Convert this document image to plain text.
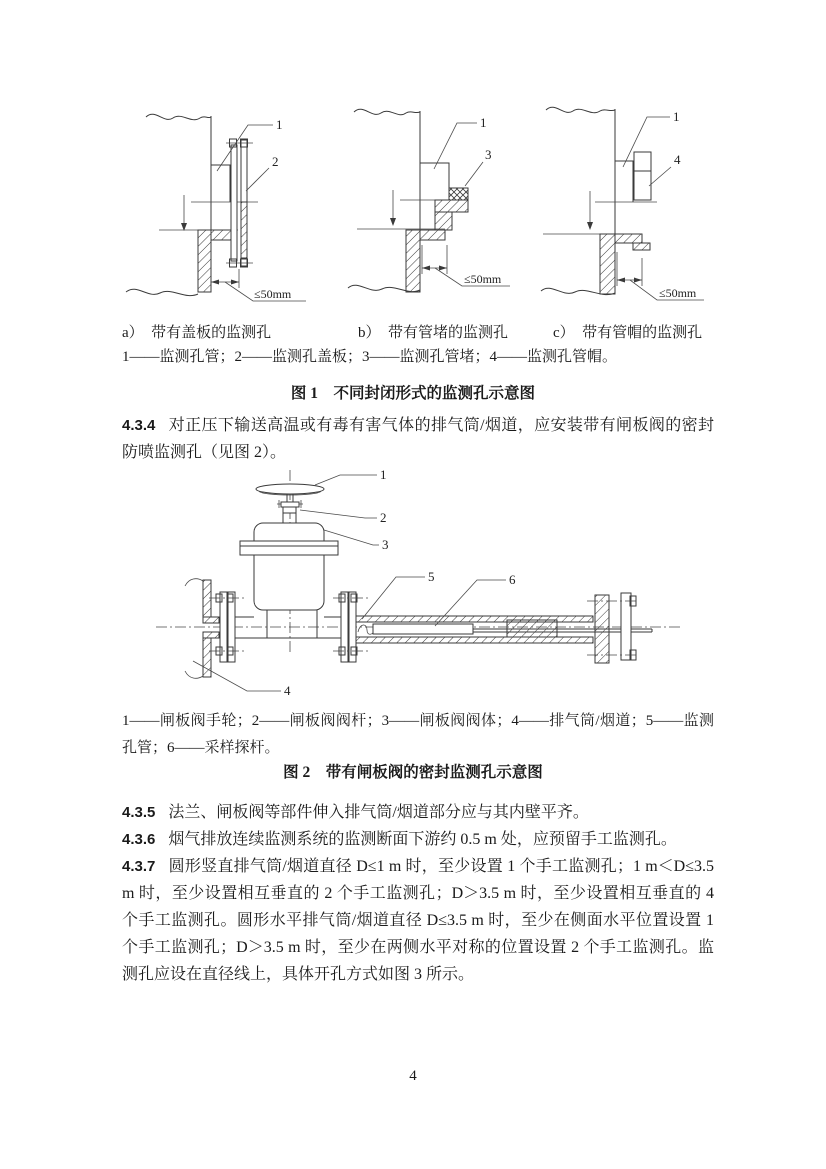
1
2
≤50mm
1
3
≤50mm
1
4
≤50mm
a）　带有盖板的监测孔	b）　带有管堵的监测孔	c）　带有管帽的监测孔
1——监测孔管；2——监测孔盖板；3——监测孔管堵；4——监测孔管帽。
图 1　不同封闭形式的监测孔示意图

4.3.4 对正压下输送高温或有毒有害气体的排气筒/烟道，应安装带有闸板阀的密封防喷监测孔（见图 2）。

1
2
3
4
5	6
1——闸板阀手轮；2——闸板阀阀杆；3——闸板阀阀体；4——排气筒/烟道；5——监测孔管；6——采样探杆。
图 2　带有闸板阀的密封监测孔示意图

4.3.5 法兰、闸板阀等部件伸入排气筒/烟道部分应与其内壁平齐。

4.3.6 烟气排放连续监测系统的监测断面下游约 0.5 m 处，应预留手工监测孔。

4.3.7 圆形竖直排气筒/烟道直径 D≤1 m 时，至少设置 1 个手工监测孔；1 m＜D≤3.5 m 时，至少设置相互垂直的 2 个手工监测孔；D＞3.5 m 时，至少设置相互垂直的 4 个手工监测孔。圆形水平排气筒/烟道直径 D≤3.5 m 时，至少在侧面水平位置设置 1 个手工监测孔；D＞3.5 m 时，至少在两侧水平对称的位置设置 2 个手工监测孔。监测孔应设在直径线上，具体开孔方式如图 3 所示。

4
